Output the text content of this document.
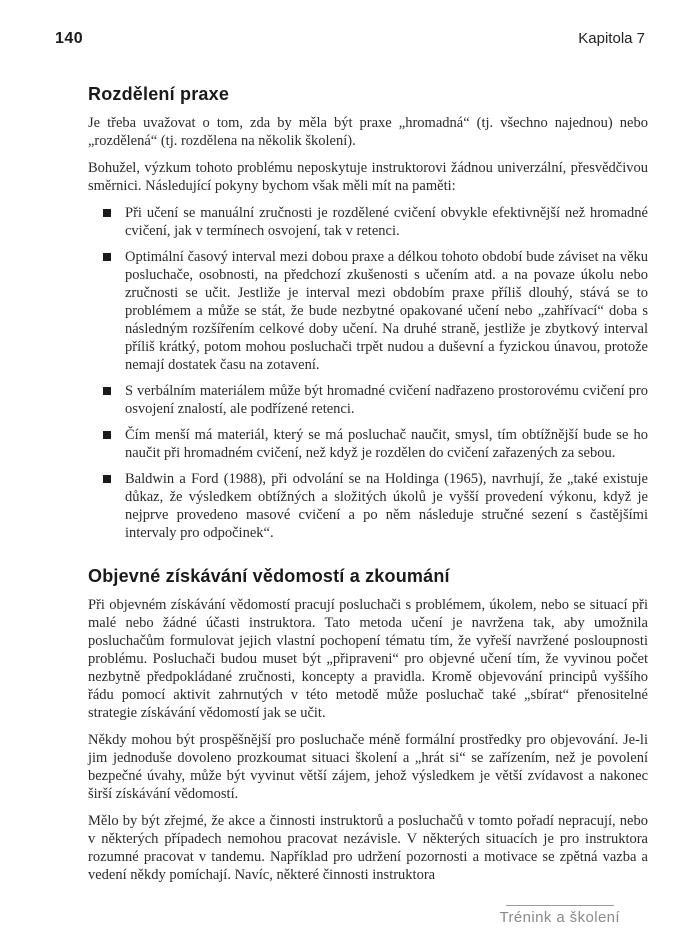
140	Kapitola 7
Rozdělení praxe

Je třeba uvažovat o tom, zda by měla být praxe „hromadná“ (tj. všechno najednou) nebo „rozdělená“ (tj. rozdělena na několik školení).

Bohužel, výzkum tohoto problému neposkytuje instruktorovi žádnou univerzální, přesvědčivou směrnici. Následující pokyny bychom však měli mít na paměti:

Při učení se manuální zručnosti je rozdělené cvičení obvykle efektivnější než hromadné cvičení, jak v termínech osvojení, tak v retenci.
Optimální časový interval mezi dobou praxe a délkou tohoto období bude záviset na věku posluchače, osobnosti, na předchozí zkušenosti s učením atd. a na povaze úkolu nebo zručnosti se učit. Jestliže je interval mezi obdobím praxe příliš dlouhý, stává se to problémem a může se stát, že bude nezbytné opakované učení nebo „zahřívací“ doba s následným rozšířením celkové doby učení. Na druhé straně, jestliže je zbytkový interval příliš krátký, potom mohou posluchači trpět nudou a duševní a fyzickou únavou, protože nemají dostatek času na zotavení.
S verbálním materiálem může být hromadné cvičení nadřazeno prostorovému cvičení pro osvojení znalostí, ale podřízené retenci.
Čím menší má materiál, který se má posluchač naučit, smysl, tím obtížnější bude se ho naučit při hromadném cvičení, než když je rozdělen do cvičení zařazených za sebou.
Baldwin a Ford (1988), při odvolání se na Holdinga (1965), navrhují, že „také existuje důkaz, že výsledkem obtížných a složitých úkolů je vyšší provedení výkonu, když je nejprve provedeno masové cvičení a po něm následuje stručné sezení s častějšími intervaly pro odpočinek“.
Objevné získávání vědomostí a zkoumání

Při objevném získávání vědomostí pracují posluchači s problémem, úkolem, nebo se situací při malé nebo žádné účasti instruktora. Tato metoda učení je navržena tak, aby umožnila posluchačům formulovat jejich vlastní pochopení tématu tím, že vyřeší navržené posloupnosti problému. Posluchači budou muset být „připraveni“ pro objevné učení tím, že vyvinou počet nezbytně předpokládané zručnosti, koncepty a pravidla. Kromě objevování principů vyššího řádu pomocí aktivit zahrnutých v této metodě může posluchač také „sbírat“ přenositelné strategie získávání vědomostí jak se učit.

Někdy mohou být prospěšnější pro posluchače méně formální prostředky pro objevování. Je-li jim jednoduše dovoleno prozkoumat situaci školení a „hrát si“ se zařízením, než je povolení bezpečné úvahy, může být vyvinut větší zájem, jehož výsledkem je větší zvídavost a nakonec širší získávání vědomostí.

Mělo by být zřejmé, že akce a činnosti instruktorů a posluchačů v tomto pořadí nepracují, nebo v některých případech nemohou pracovat nezávisle. V některých situacích je pro instruktora rozumné pracovat v tandemu. Například pro udržení pozornosti a motivace se zpětná vazba a vedení někdy pomíchají. Navíc, některé činnosti instruktora

Trénink a školení
